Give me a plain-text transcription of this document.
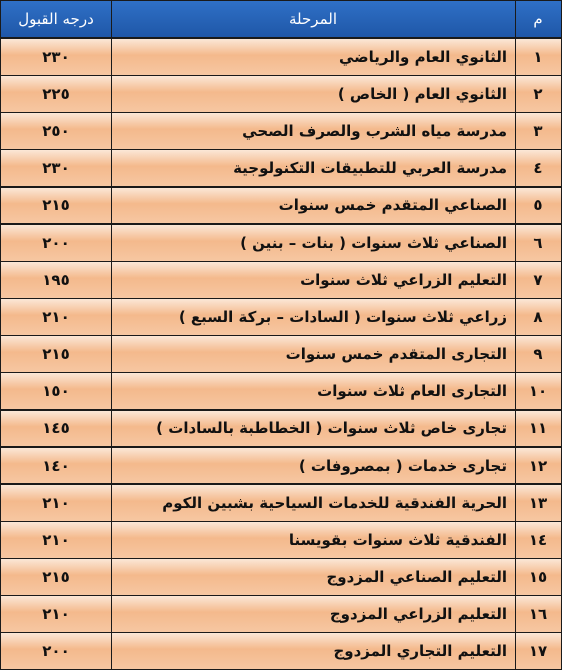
م
المرحلة
درجه القبول
١
الثانوي العام والرياضي
٢٣٠
٢
الثانوي العام ( الخاص )
٢٢٥
٣
مدرسة مياه الشرب والصرف الصحي
٢٥٠
٤
مدرسة العربي للتطبيقات التكنولوجية
٢٣٠
٥
الصناعي المتقدم خمس سنوات
٢١٥
٦
الصناعي ثلاث سنوات ( بنات – بنين )
٢٠٠
٧
التعليم الزراعي ثلاث سنوات
١٩٥
٨
زراعي ثلاث سنوات ( السادات – بركة السبع )
٢١٠
٩
التجارى المتقدم خمس سنوات
٢١٥
١٠
التجارى العام ثلاث سنوات
١٥٠
١١
تجارى خاص ثلاث سنوات ( الخطاطبة بالسادات )
١٤٥
١٢
تجارى خدمات ( بمصروفات )
١٤٠
١٣
الحرية الفندقية للخدمات السياحية بشبين الكوم
٢١٠
١٤
الفندقية ثلاث سنوات بقويسنا
٢١٠
١٥
التعليم الصناعي المزدوج
٢١٥
١٦
التعليم الزراعي المزدوج
٢١٠
١٧
التعليم التجاري المزدوج
٢٠٠
